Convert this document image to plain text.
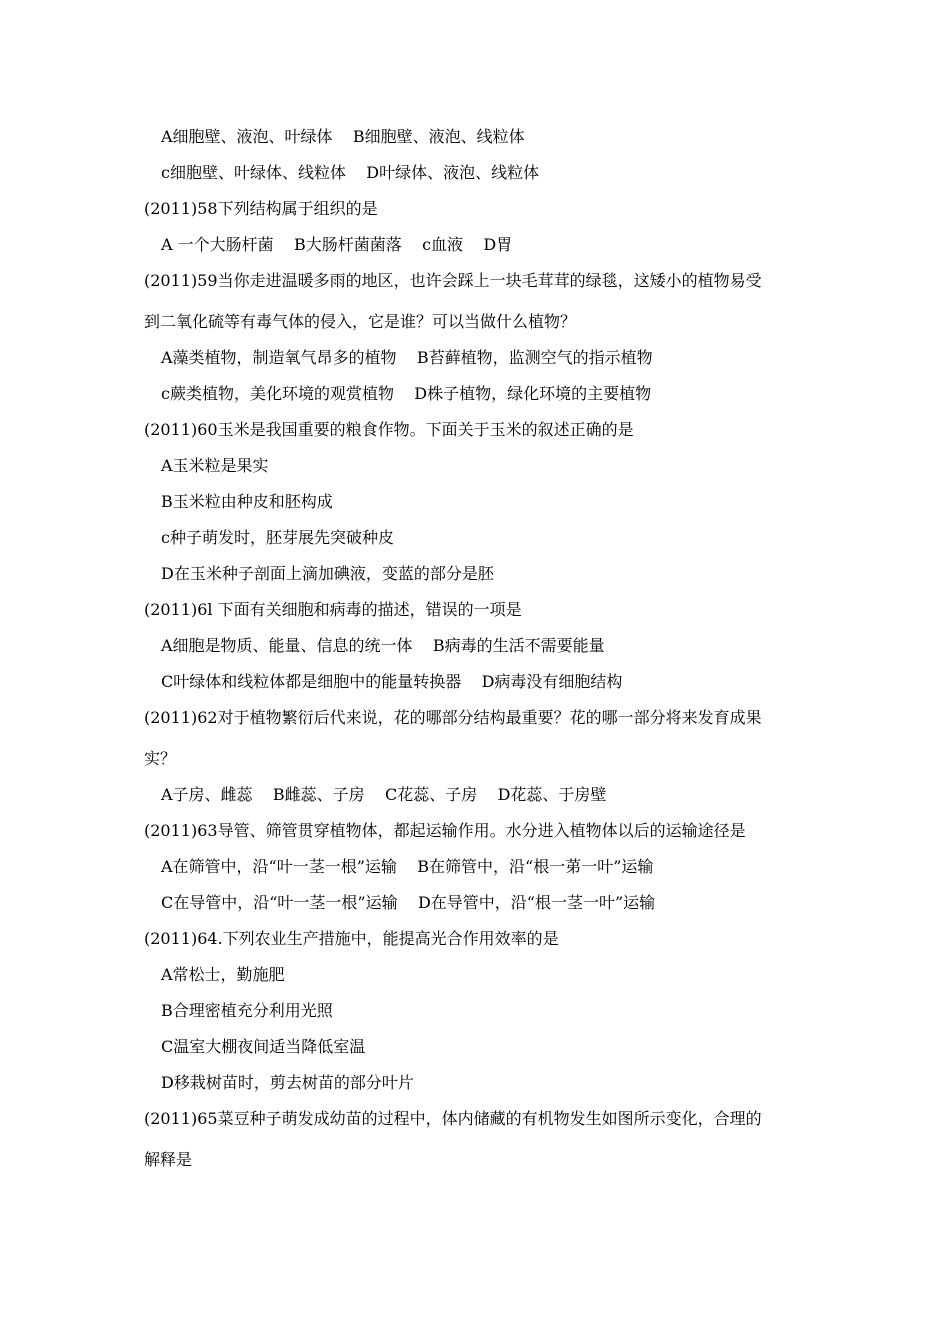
A细胞壁、液泡、叶绿体    B细胞壁、液泡、线粒体
c细胞壁、叶绿体、线粒体    D叶绿体、液泡、线粒体
(2011)58下列结构属于组织的是
A 一个大肠杆菌    B大肠杆菌菌落    c血液    D胃
(2011)59当你走进温暖多雨的地区，也许会踩上一块毛茸茸的绿毯，这矮小的植物易受
到二氧化硫等有毒气体的侵入，它是谁？可以当做什么植物？
A藻类植物，制造氧气昂多的植物    B苔藓植物，监测空气的指示植物
c蕨类植物，美化环境的观赏植物    D株子植物，绿化环境的主要植物
(2011)60玉米是我国重要的粮食作物。下面关于玉米的叙述正确的是
A玉米粒是果实
B玉米粒由种皮和胚构成
c种子萌发时，胚芽展先突破种皮
D在玉米种子剖面上滴加碘液，变蓝的部分是胚
(2011)6l 下面有关细胞和病毒的描述，错误的一项是
A细胞是物质、能量、信息的统一体    B病毒的生活不需要能量
C叶绿体和线粒体都是细胞中的能量转换器    D病毒没有细胞结构
(2011)62对于植物繁衍后代来说，花的哪部分结构最重要？花的哪一部分将来发育成果
实？
A子房、雌蕊    B雌蕊、子房    C花蕊、子房    D花蕊、于房壁
(2011)63导管、筛管贯穿植物体，都起运输作用。水分进入植物体以后的运输途径是
A在筛管中，沿“叶一茎一根”运输    B在筛管中，沿“根一苐一叶”运输
C在导管中，沿“叶一茎一根”运输    D在导管中，沿“根一茎一叶”运输
(2011)64.下列农业生产措施中，能提高光合作用效率的是
A常松士，勤施肥
B合理密植充分利用光照
C温室大棚夜间适当降低室温
D移栽树苗时，剪去树苗的部分叶片
(2011)65菜豆种子萌发成幼苗的过程中，体内储藏的有机物发生如图所示变化，合理的
解释是
